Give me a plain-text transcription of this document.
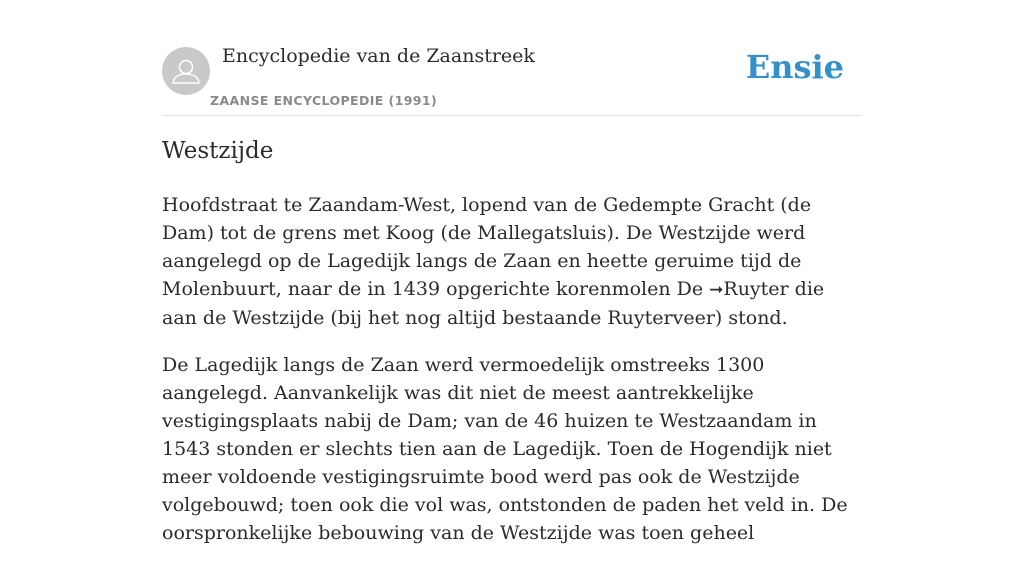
Encyclopedie van de Zaanstreek
ZAANSE ENCYCLOPEDIE (1991)
Ensie
Westzijde

Hoofdstraat te Zaandam-West, lopend van de Gedempte Gracht (de Dam) tot de grens met Koog (de Mallegatsluis). De Westzijde werd aangelegd op de Lagedijk langs de Zaan en heette geruime tijd de Molenbuurt, naar de in 1439 opgerichte korenmolen De ➞Ruyter die aan de Westzijde (bij het nog altijd bestaande Ruyterveer) stond.

De Lagedijk langs de Zaan werd vermoedelijk omstreeks 1300 aangelegd. Aanvankelijk was dit niet de meest aantrekkelijke vestigingsplaats nabij de Dam; van de 46 huizen te Westzaandam in 1543 stonden er slechts tien aan de Lagedijk. Toen de Hogendijk niet meer voldoende vestigingsruimte bood werd pas ook de Westzijde volgebouwd; toen ook die vol was, ontstonden de paden het veld in. De oorspronkelijke bebouwing van de Westzijde was toen geheel
